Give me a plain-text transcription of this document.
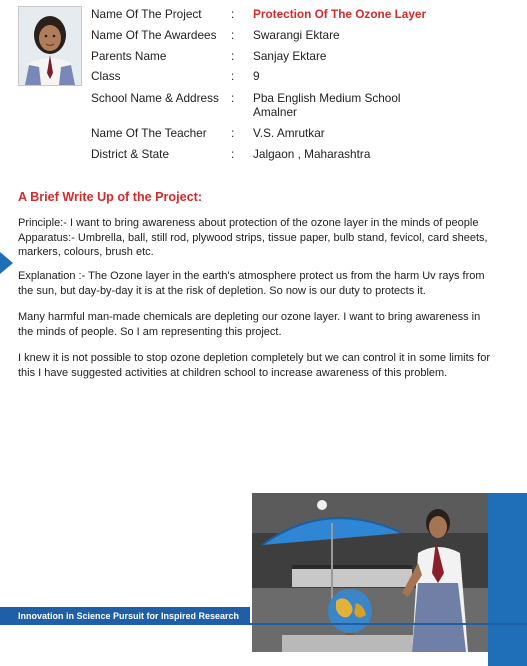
Name Of The Project	: Protection Of The Ozone Layer
Name Of The Awardees	: Swarangi Ektare
Parents Name	: Sanjay Ektare
Class	: 9
School Name & Address	: Pba English Medium School
Amalner
Name Of The Teacher	: V.S. Amrutkar
District & State	: Jalgaon , Maharashtra
A Brief Write Up of the Project:

Principle:- I want to bring awareness about protection of the ozone layer in the minds of people Apparatus:- Umbrella, ball, still rod, plywood strips, tissue paper, bulb stand, fevicol, card sheets, markers, colours, brush etc.

Explanation :- The Ozone layer in the earth's atmosphere protect us from the harm Uv rays from the sun, but day-by-day it is at the risk of depletion. So now is our duty to protects it.

Many harmful man-made chemicals are depleting our ozone layer. I want to bring awareness in the minds of people. So I am representing this project.

I knew it is not possible to stop ozone depletion completely but we can control it in some limits for this I have suggested activities at children school to increase awareness of this problem.

Innovation in Science Pursuit for Inspired Research
